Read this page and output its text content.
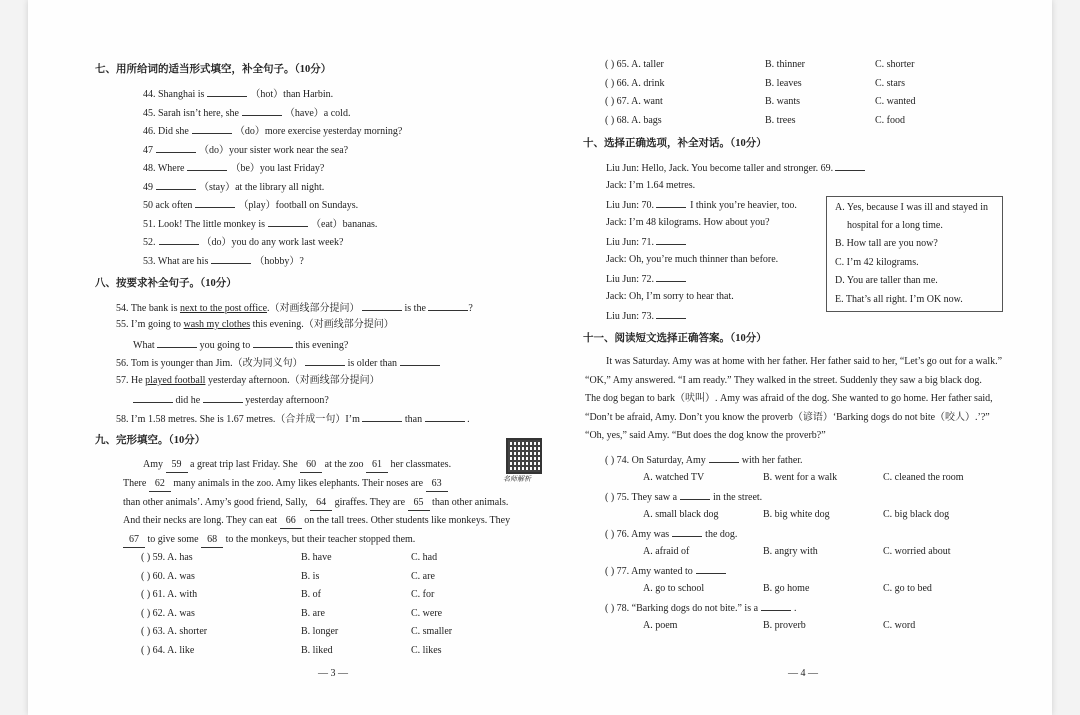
七、用所给词的适当形式填空，补全句子。（10分）
44. Shanghai is	（hot）than Harbin.
45. Sarah isn’t here, she	（have）a cold.
46. Did she	（do）more exercise yesterday morning?
47	（do）your sister work near the sea?
48. Where	（be）you last Friday?
49	（stay）at the library all night.
50 ack often	（play）football on Sundays.
51. Look! The little monkey is	（eat）bananas.
52.	（do）you do any work last week?
53. What are his	（hobby）?
八、按要求补全句子。（10分）
54. The bank is next to the post office.（对画线部分提问）	is the	?
55. I’m going to wash my clothes this evening.（对画线部分提问）
What	you going to	this evening?
56. Tom is younger than Jim.（改为同义句）	is older than
57. He played football yesterday afternoon.（对画线部分提问）
did he	yesterday afternoon?
58. I’m 1.58 metres. She is 1.67 metres.（合并成一句）I’m	than	.
九、完形填空。（10分）
名师解析
Amy 59 a great trip last Friday. She 60 at the zoo 61 her classmates.
There 62 many animals in the zoo. Amy likes elephants. Their noses are 63
than other animals’. Amy’s good friend, Sally, 64 giraffes. They are 65 than other animals.
And their necks are long. They can eat 66 on the tall trees. Other students like monkeys. They
67 to give some 68 to the monkeys, but their teacher stopped them.
( ) 59. A. has	B. have	C. had
( ) 60. A. was	B. is	C. are
( ) 61. A. with	B. of	C. for
( ) 62. A. was	B. are	C. were
( ) 63. A. shorter	B. longer	C. smaller
( ) 64. A. like	B. liked	C. likes
— 3 —
( ) 65. A. taller	B. thinner	C. shorter
( ) 66. A. drink	B. leaves	C. stars
( ) 67. A. want	B. wants	C. wanted
( ) 68. A. bags	B. trees	C. food
十、选择正确选项，补全对话。（10分）
Liu Jun: Hello, Jack. You become taller and stronger. 69.
Jack: I’m 1.64 metres.
Liu Jun: 70.	I think you’re heavier, too.
Jack: I’m 48 kilograms. How about you?
Liu Jun: 71.
Jack: Oh, you’re much thinner than before.
Liu Jun: 72.
Jack: Oh, I’m sorry to hear that.
Liu Jun: 73.
A. Yes, because I was ill and stayed in
hospital for a long time.
B. How tall are you now?
C. I’m 42 kilograms.
D. You are taller than me.
E. That’s all right. I’m OK now.
十一、阅读短文选择正确答案。（10分）
It was Saturday. Amy was at home with her father. Her father said to her, “Let’s go out for a walk.”
“OK,” Amy answered. “I am ready.” They walked in the street. Suddenly they saw a big black dog.
The dog began to bark（吠叫）. Amy was afraid of the dog. She wanted to go home. Her father said,
“Don’t be afraid, Amy. Don’t you know the proverb（谚语）‘Barking dogs do not bite（咬人）.’?”
“Oh, yes,” said Amy. “But does the dog know the proverb?”
( ) 74. On Saturday, Amy	with her father.
A. watched TV	B. went for a walk	C. cleaned the room
( ) 75. They saw a	in the street.
A. small black dog	B. big white dog	C. big black dog
( ) 76. Amy was	the dog.
A. afraid of	B. angry with	C. worried about
( ) 77. Amy wanted to
A. go to school	B. go home	C. go to bed
( ) 78. “Barking dogs do not bite.” is a	.
A. poem	B. proverb	C. word
— 4 —
